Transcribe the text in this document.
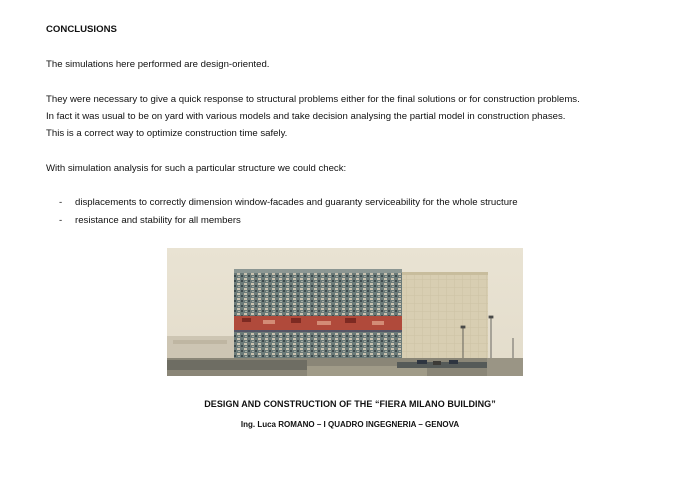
CONCLUSIONS
The simulations here performed are design-oriented.
They were necessary to give a quick response to structural problems either for the final solutions or for construction problems.
In fact it was usual to be on yard with various models and take decision analysing the partial model in construction phases.
This is a correct way to optimize construction time safely.
With simulation analysis for such a particular structure we could check:
- displacements to correctly dimension window-facades and guaranty serviceability for the whole structure
- resistance and stability for all members
DESIGN AND CONSTRUCTION OF THE “FIERA MILANO BUILDING”
Ing. Luca ROMANO – I QUADRO INGEGNERIA – GENOVA
